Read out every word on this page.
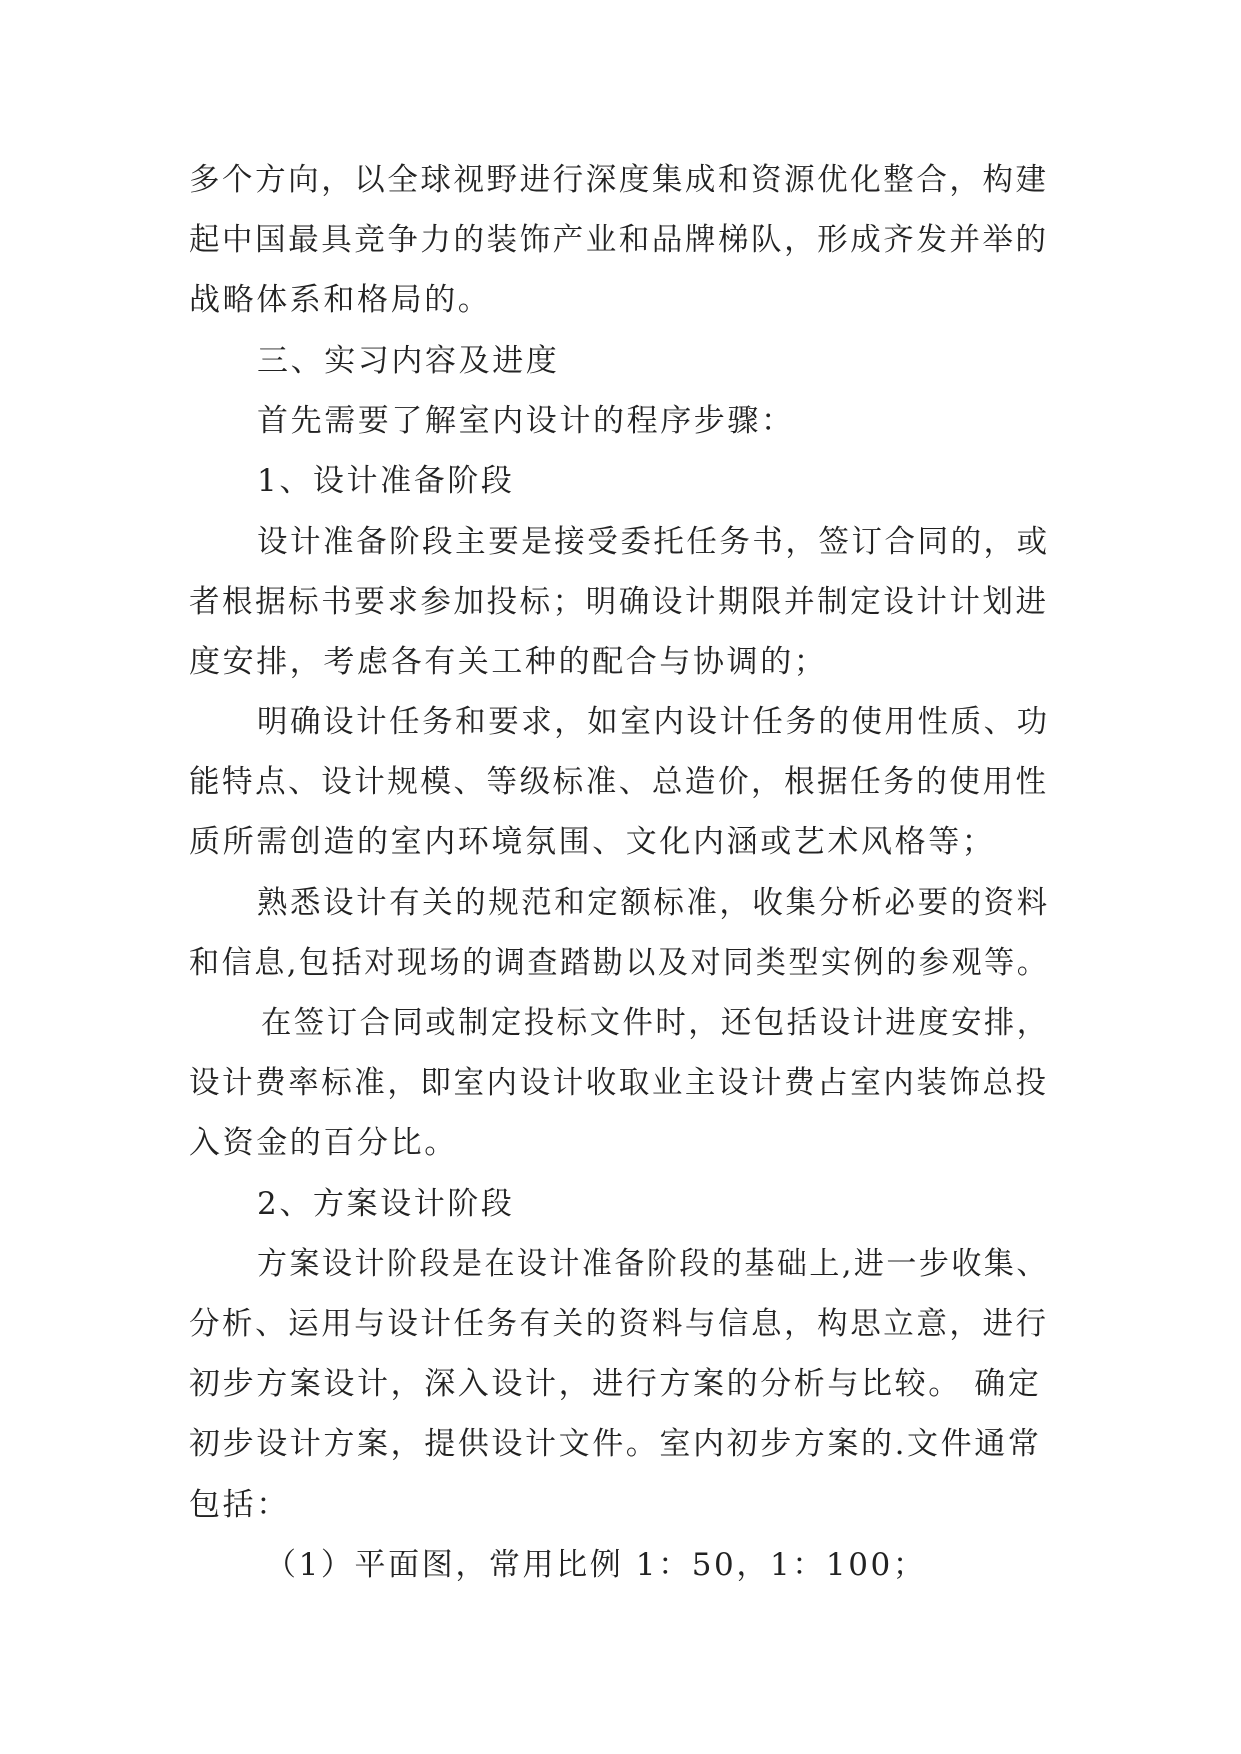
多个方向，以全球视野进行深度集成和资源优化整合，构建
起中国最具竞争力的装饰产业和品牌梯队，形成齐发并举的
战略体系和格局的。
三、实习内容及进度
首先需要了解室内设计的程序步骤：
1、设计准备阶段
设计准备阶段主要是接受委托任务书，签订合同的，或
者根据标书要求参加投标；明确设计期限并制定设计计划进
度安排，考虑各有关工种的配合与协调的；
明确设计任务和要求，如室内设计任务的使用性质、功
能特点、设计规模、等级标准、总造价，根据任务的使用性
质所需创造的室内环境氛围、文化内涵或艺术风格等；
熟悉设计有关的规范和定额标准，收集分析必要的资料
和信息,包括对现场的调查踏勘以及对同类型实例的参观等。
在签订合同或制定投标文件时，还包括设计进度安排，
设计费率标准，即室内设计收取业主设计费占室内装饰总投
入资金的百分比。
2、方案设计阶段
方案设计阶段是在设计准备阶段的基础上,进一步收集、
分析、运用与设计任务有关的资料与信息，构思立意，进行
初步方案设计，深入设计，进行方案的分析与比较。 确定
初步设计方案，提供设计文件。室内初步方案的.文件通常
包括：
（1）平面图，常用比例 1：50，1：100；
